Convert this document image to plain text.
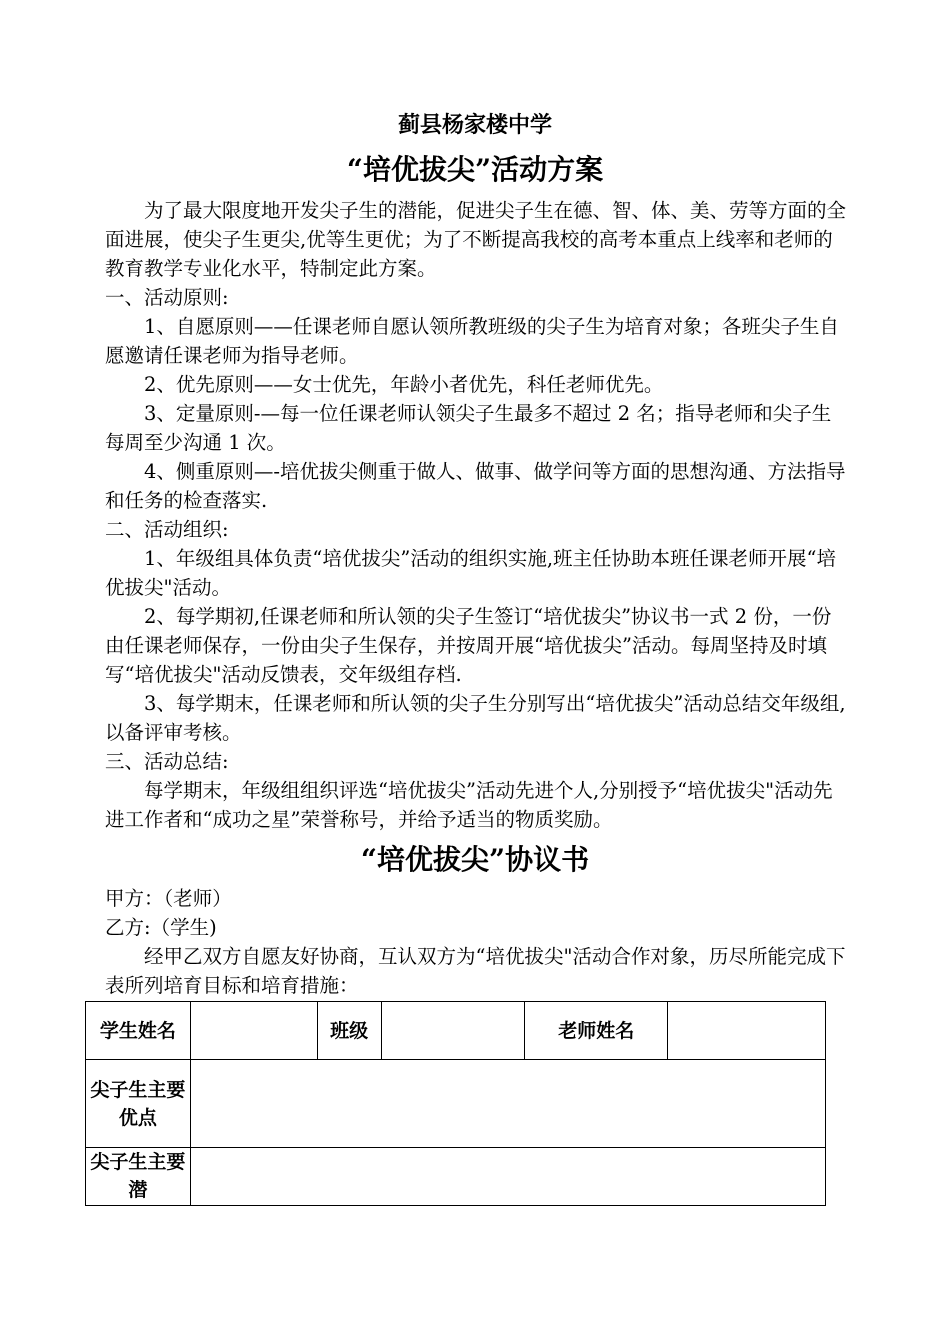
蓟县杨家楼中学
“培优拔尖”活动方案

为了最大限度地开发尖子生的潜能，促进尖子生在德、智、体、美、劳等方面的全面进展，使尖子生更尖,优等生更优；为了不断提高我校的高考本重点上线率和老师的教育教学专业化水平，特制定此方案。

一、活动原则:

1、自愿原则——任课老师自愿认领所教班级的尖子生为培育对象；各班尖子生自愿邀请任课老师为指导老师。

2、优先原则——女士优先，年龄小者优先，科任老师优先。

3、定量原则-—每一位任课老师认领尖子生最多不超过 2 名；指导老师和尖子生每周至少沟通 1 次。

4、侧重原则—-培优拔尖侧重于做人、做事、做学问等方面的思想沟通、方法指导和任务的检查落实.

二、活动组织:

1、年级组具体负责“培优拔尖”活动的组织实施,班主任协助本班任课老师开展“培优拔尖"活动。

2、每学期初,任课老师和所认领的尖子生签订“培优拔尖”协议书一式 2 份，一份由任课老师保存，一份由尖子生保存，并按周开展“培优拔尖”活动。每周坚持及时填写“培优拔尖"活动反馈表，交年级组存档.

3、每学期末，任课老师和所认领的尖子生分别写出“培优拔尖”活动总结交年级组,以备评审考核。

三、活动总结:

每学期末，年级组组织评选“培优拔尖”活动先进个人,分别授予“培优拔尖"活动先进工作者和“成功之星”荣誉称号，并给予适当的物质奖励。

“培优拔尖”协议书

甲方：（老师）

乙方:（学生)

经甲乙双方自愿友好协商，互认双方为“培优拔尖"活动合作对象，历尽所能完成下表所列培育目标和培育措施：

学生姓名		班级		老师姓名	
尖子生主要优点					
尖子生主要潜					
